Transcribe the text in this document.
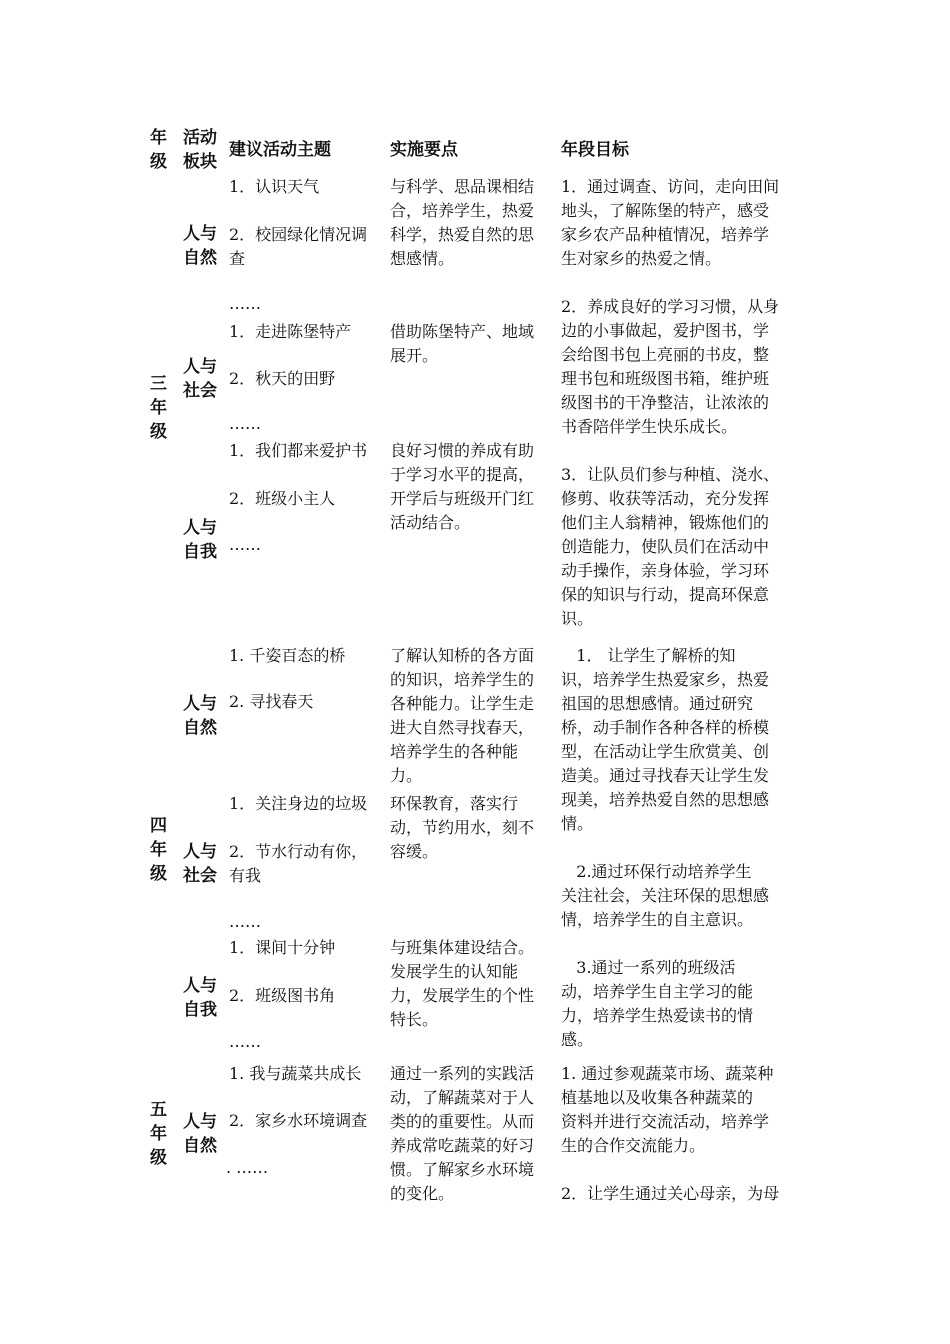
年
级
活动
板块
建议活动主题	实施要点	年段目标
三
年
级
人与
自然
1．认识天气
2．校园绿化情况调
查
……
与科学、思品课相结
合，培养学生，热爱
科学，热爱自然的思
想感情。
人与
社会
1．走进陈堡特产
2．秋天的田野
……
借助陈堡特产、地域
展开。
人与
自我
1．我们都来爱护书
2．班级小主人
……
良好习惯的养成有助
于学习水平的提高，
开学后与班级开门红
活动结合。
1．通过调查、访问，走向田间
地头，了解陈堡的特产，感受
家乡农产品种植情况，培养学
生对家乡的热爱之情。

2．养成良好的学习习惯，从身
边的小事做起，爱护图书，学
会给图书包上亮丽的书皮，整
理书包和班级图书箱，维护班
级图书的干净整洁，让浓浓的
书香陪伴学生快乐成长。

3．让队员们参与种植、浇水、
修剪、收获等活动，充分发挥
他们主人翁精神，锻炼他们的
创造能力，使队员们在活动中
动手操作，亲身体验，学习环
保的知识与行动，提高环保意
识。
四
年
级
人与
自然
1. 千姿百态的桥
2. 寻找春天
了解认知桥的各方面
的知识，培养学生的
各种能力。让学生走
进大自然寻找春天，
培养学生的各种能
力。
人与
社会
1．关注身边的垃圾
2．节水行动有你，
有我
……
环保教育，落实行
动，节约用水，刻不
容缓。
人与
自我
1．课间十分钟
2．班级图书角
……
与班集体建设结合。
发展学生的认知能
力，发展学生的个性
特长。
1． 让学生了解桥的知
识，培养学生热爱家乡，热爱
祖国的思想感情。通过研究
桥，动手制作各种各样的桥模
型，在活动让学生欣赏美、创
造美。通过寻找春天让学生发
现美，培养热爱自然的思想感
情。

2.通过环保行动培养学生
关注社会，关注环保的思想感
情，培养学生的自主意识。

3.通过一系列的班级活
动，培养学生自主学习的能
力，培养学生热爱读书的情
感。
五
年
级
人与
自然
1. 我与蔬菜共成长
2．家乡水环境调查
. ……
通过一系列的实践活
动，了解蔬菜对于人
类的的重要性。从而
养成常吃蔬菜的好习
惯。了解家乡水环境
的变化。
1. 通过参观蔬菜市场、蔬菜种
植基地以及收集各种蔬菜的
资料并进行交流活动，培养学
生的合作交流能力。

2．让学生通过关心母亲，为母
